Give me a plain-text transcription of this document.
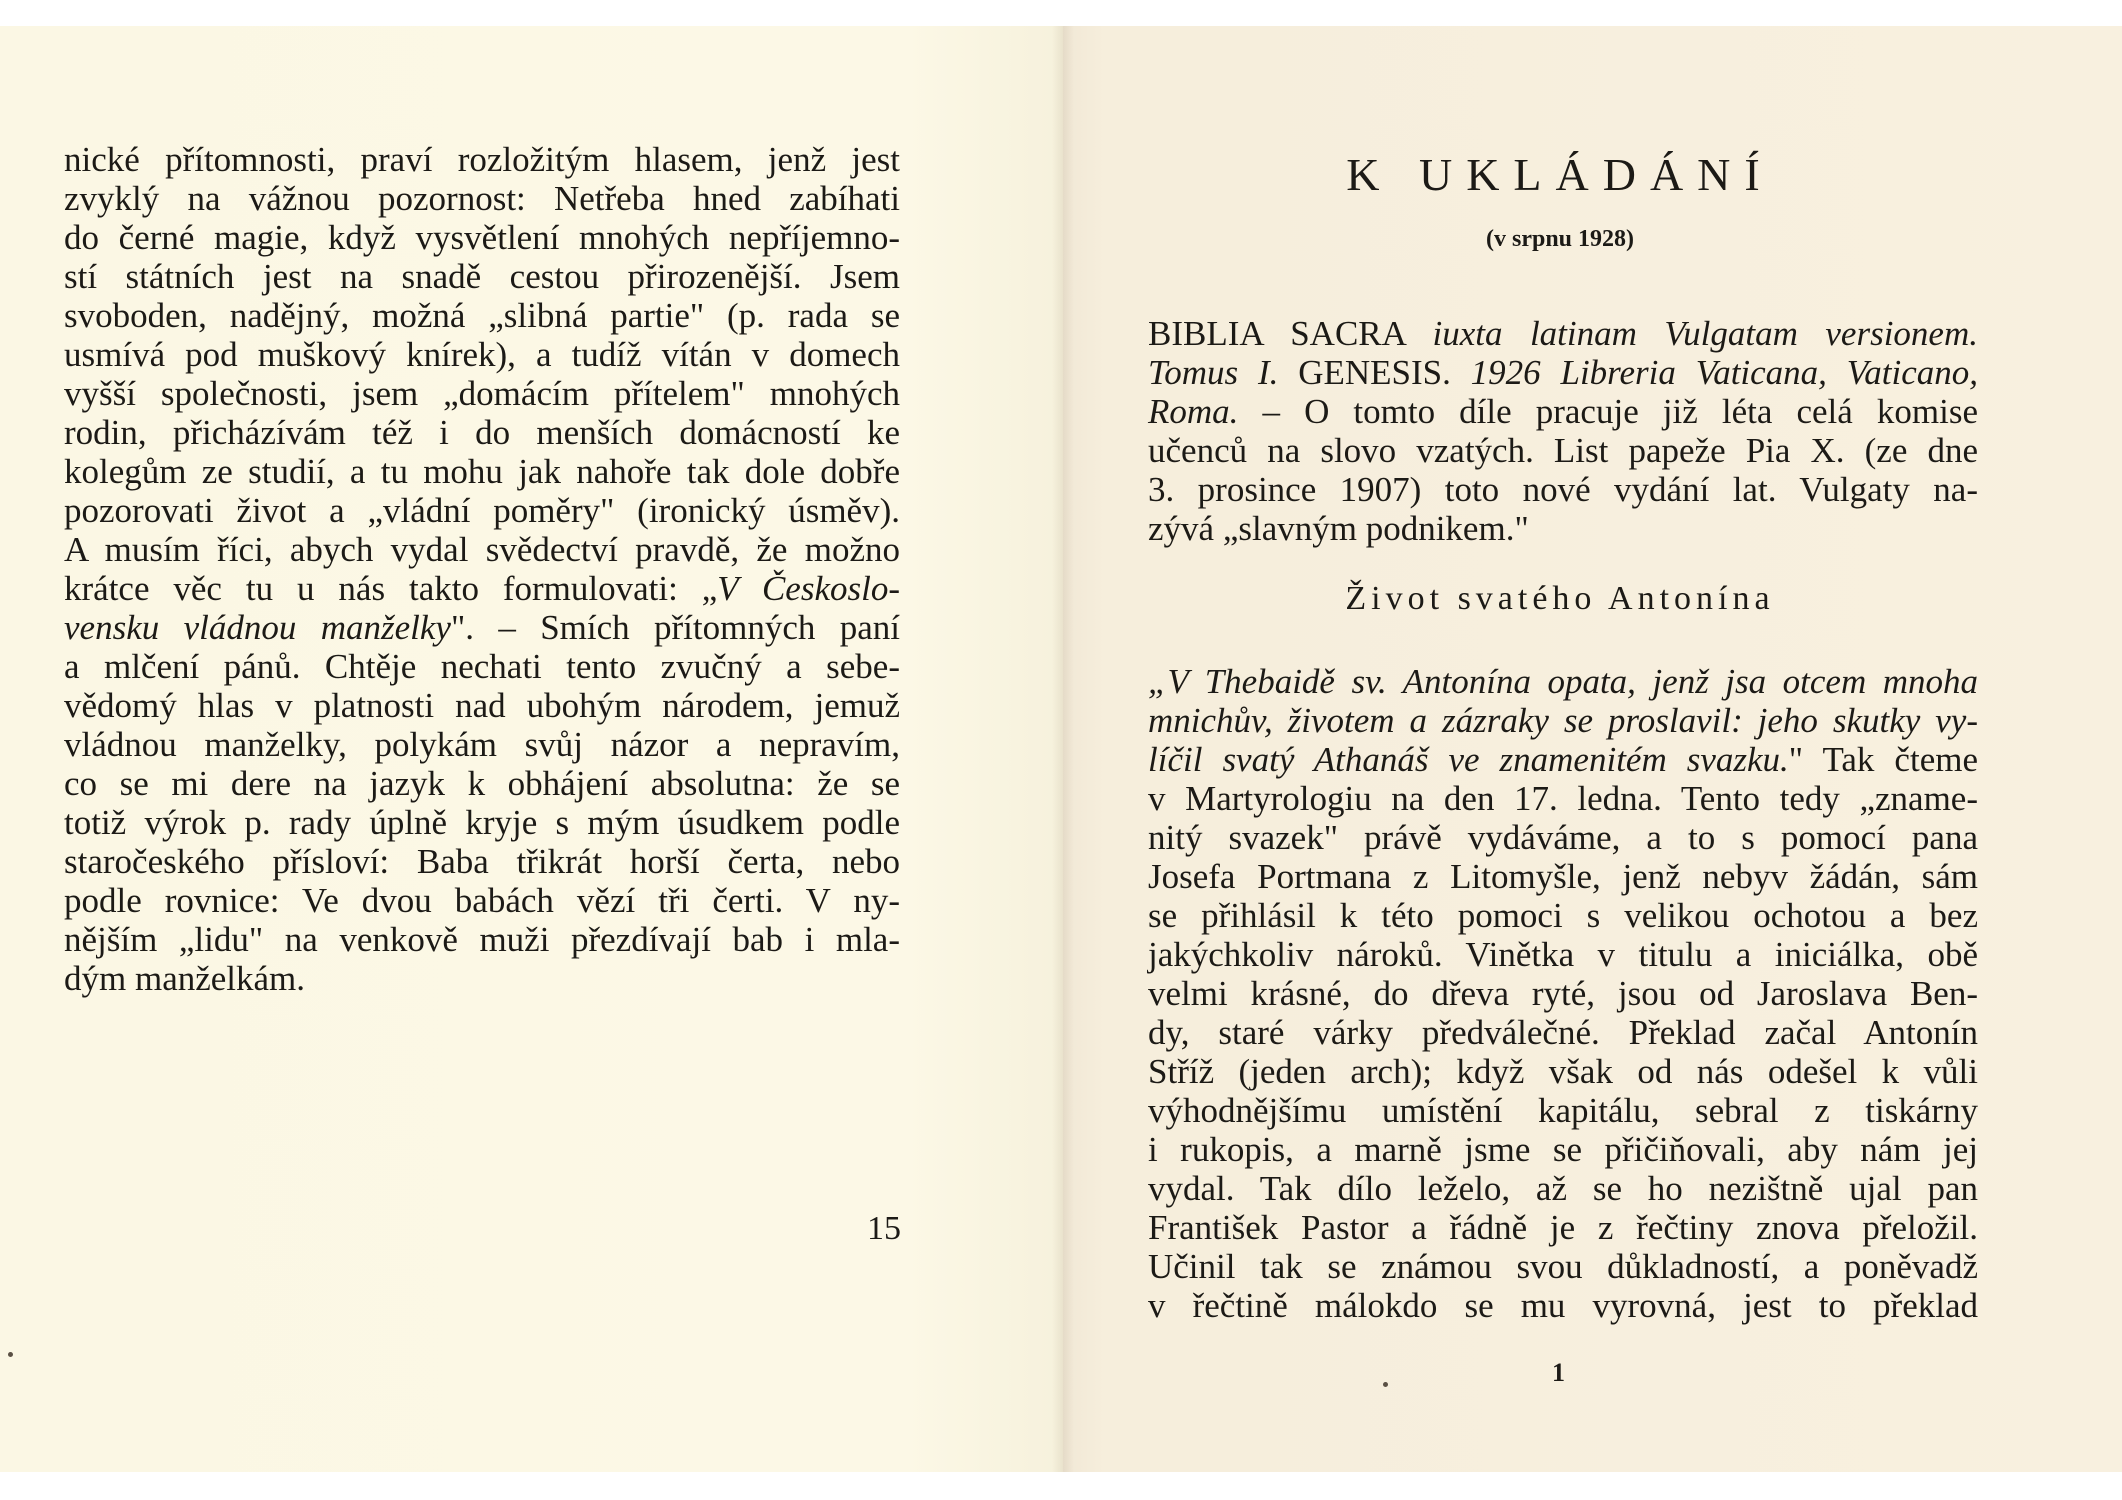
nické přítomnosti, praví rozložitým hlasem, jenž jest
zvyklý na vážnou pozornost: Netřeba hned zabíhati
do černé magie, když vysvětlení mnohých nepříjemno-
stí státních jest na snadě cestou přirozenější. Jsem
svoboden, nadějný, možná „slibná partie" (p. rada se
usmívá pod muškový knírek), a tudíž vítán v domech
vyšší společnosti, jsem „domácím přítelem" mnohých
rodin, přicházívám též i do menších domácností ke
kolegům ze studií, a tu mohu jak nahoře tak dole dobře
pozorovati život a „vládní poměry" (ironický úsměv).
A musím říci, abych vydal svědectví pravdě, že možno
krátce věc tu u nás takto formulovati: „V Českoslo-
vensku vládnou manželky". – Smích přítomných paní
a mlčení pánů. Chtěje nechati tento zvučný a sebe-
vědomý hlas v platnosti nad ubohým národem, jemuž
vládnou manželky, polykám svůj názor a nepravím,
co se mi dere na jazyk k obhájení absolutna: že se
totiž výrok p. rady úplně kryje s mým úsudkem podle
staročeského přísloví: Baba třikrát horší čerta, nebo
podle rovnice: Ve dvou babách vězí tři čerti. V ny-
nějším „lidu" na venkově muži přezdívají bab i mla-
dým manželkám.
15
K UKLÁDÁNÍ
(v srpnu 1928)
BIBLIA SACRA iuxta latinam Vulgatam versionem.
Tomus I. GENESIS. 1926 Libreria Vaticana, Vaticano,
Roma. – O tomto díle pracuje již léta celá komise
učenců na slovo vzatých. List papeže Pia X. (ze dne
3. prosince 1907) toto nové vydání lat. Vulgaty na-
zývá „slavným podnikem."
Život svatého Antonína
„V Thebaidě sv. Antonína opata, jenž jsa otcem mnoha
mnichův, životem a zázraky se proslavil: jeho skutky vy-
líčil svatý Athanáš ve znamenitém svazku." Tak čteme
v Martyrologiu na den 17. ledna. Tento tedy „zname-
nitý svazek" právě vydáváme, a to s pomocí pana
Josefa Portmana z Litomyšle, jenž nebyv žádán, sám
se přihlásil k této pomoci s velikou ochotou a bez
jakýchkoliv nároků. Vinětka v titulu a iniciálka, obě
velmi krásné, do dřeva ryté, jsou od Jaroslava Ben-
dy, staré várky předválečné. Překlad začal Antonín
Stříž (jeden arch); když však od nás odešel k vůli
výhodnějšímu umístění kapitálu, sebral z tiskárny
i rukopis, a marně jsme se přičiňovali, aby nám jej
vydal. Tak dílo leželo, až se ho nezištně ujal pan
František Pastor a řádně je z řečtiny znova přeložil.
Učinil tak se známou svou důkladností, a poněvadž
v řečtině málokdo se mu vyrovná, jest to překlad
1
